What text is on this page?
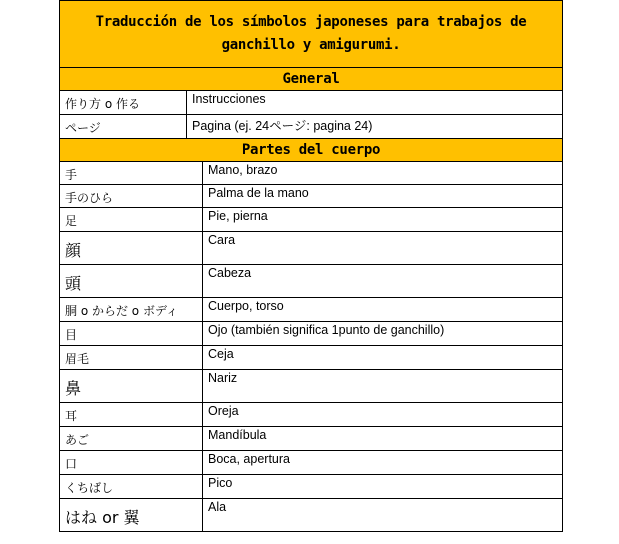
Traducción de los símbolos japoneses para trabajos de ganchillo y amigurumi.		
General		
作り方 o 作る	Instrucciones	
ページ	Pagina (ej. 24ページ: pagina 24)	
Partes del cuerpo		
手		Mano, brazo
手のひら		Palma de la mano
足		Pie, pierna
顔		Cara
頭		Cabeza
胴 o からだ o ボディ		Cuerpo, torso
目		Ojo (también significa 1punto de ganchillo)
眉毛		Ceja
鼻		Nariz
耳		Oreja
あご		Mandíbula
口		Boca, apertura
くちばし		Pico
はね or 翼		Ala
